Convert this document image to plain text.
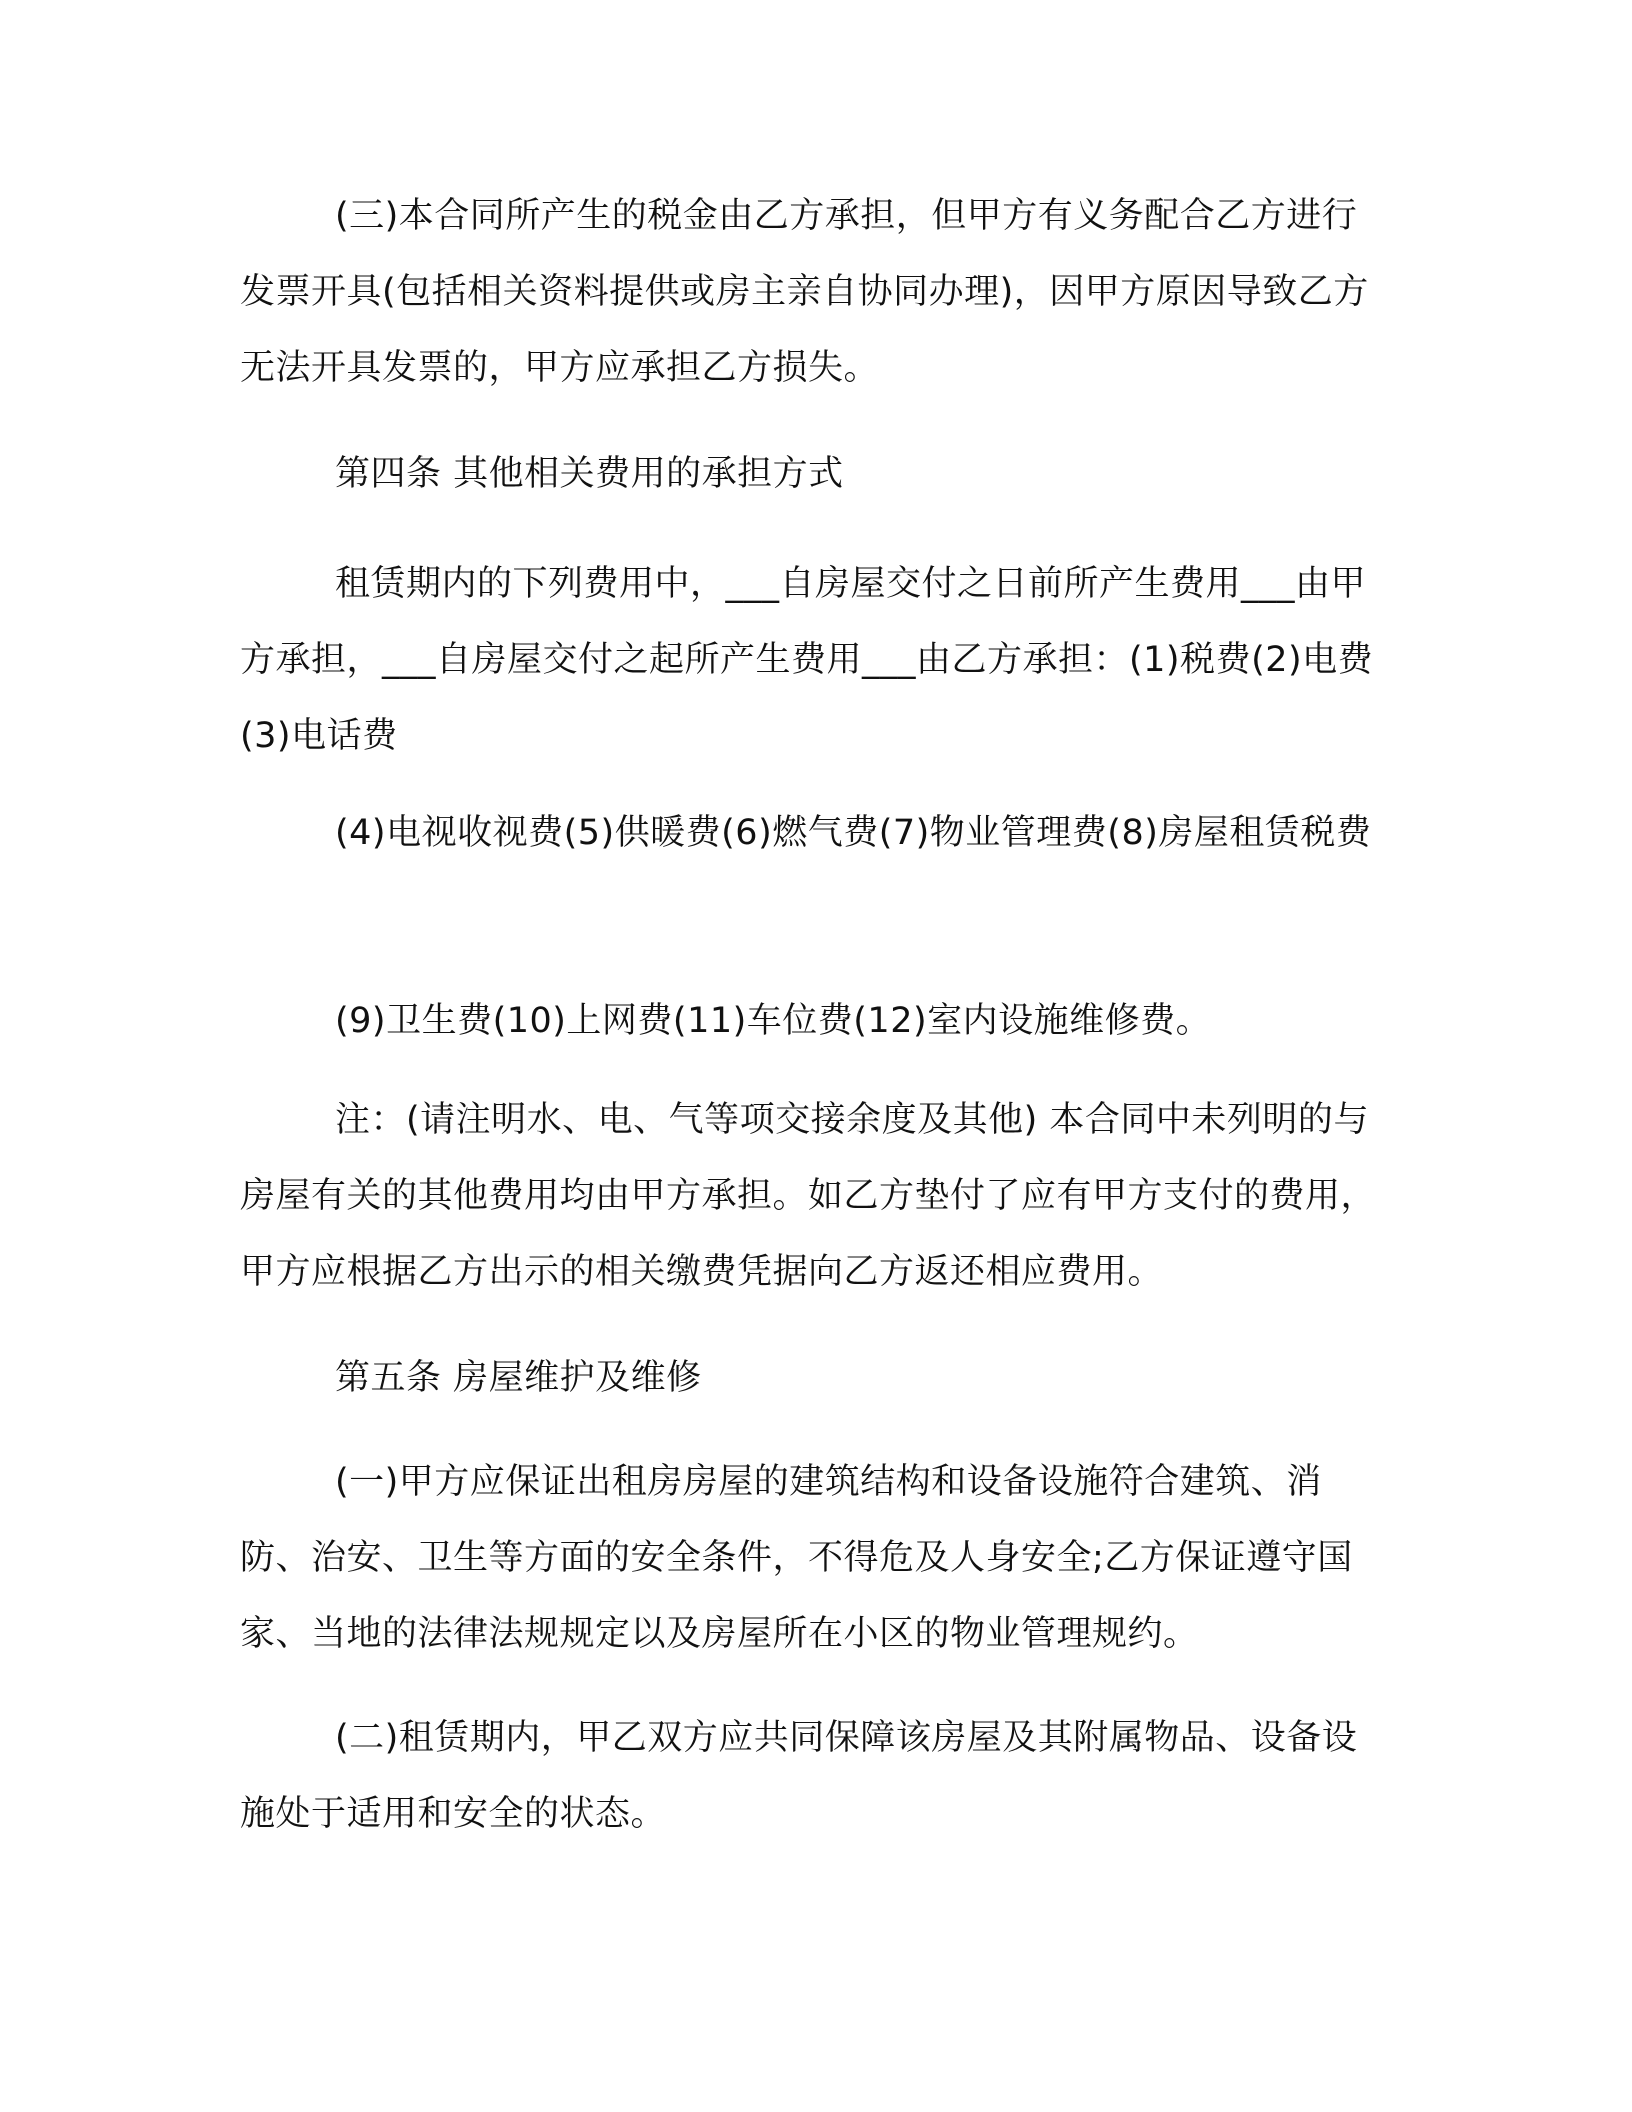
(三)本合同所产生的税金由乙方承担，但甲方有义务配合乙方进行发票开具(包括相关资料提供或房主亲自协同办理)，因甲方原因导致乙方无法开具发票的，甲方应承担乙方损失。

第四条 其他相关费用的承担方式

租赁期内的下列费用中，___自房屋交付之日前所产生费用___由甲方承担，___自房屋交付之起所产生费用___由乙方承担：(1)税费(2)电费(3)电话费

(4)电视收视费(5)供暖费(6)燃气费(7)物业管理费(8)房屋租赁税费

(9)卫生费(10)上网费(11)车位费(12)室内设施维修费。

注：(请注明水、电、气等项交接余度及其他) 本合同中未列明的与房屋有关的其他费用均由甲方承担。如乙方垫付了应有甲方支付的费用，甲方应根据乙方出示的相关缴费凭据向乙方返还相应费用。

第五条 房屋维护及维修

(一)甲方应保证出租房房屋的建筑结构和设备设施符合建筑、消防、治安、卫生等方面的安全条件，不得危及人身安全;乙方保证遵守国家、当地的法律法规规定以及房屋所在小区的物业管理规约。

(二)租赁期内，甲乙双方应共同保障该房屋及其附属物品、设备设施处于适用和安全的状态。
